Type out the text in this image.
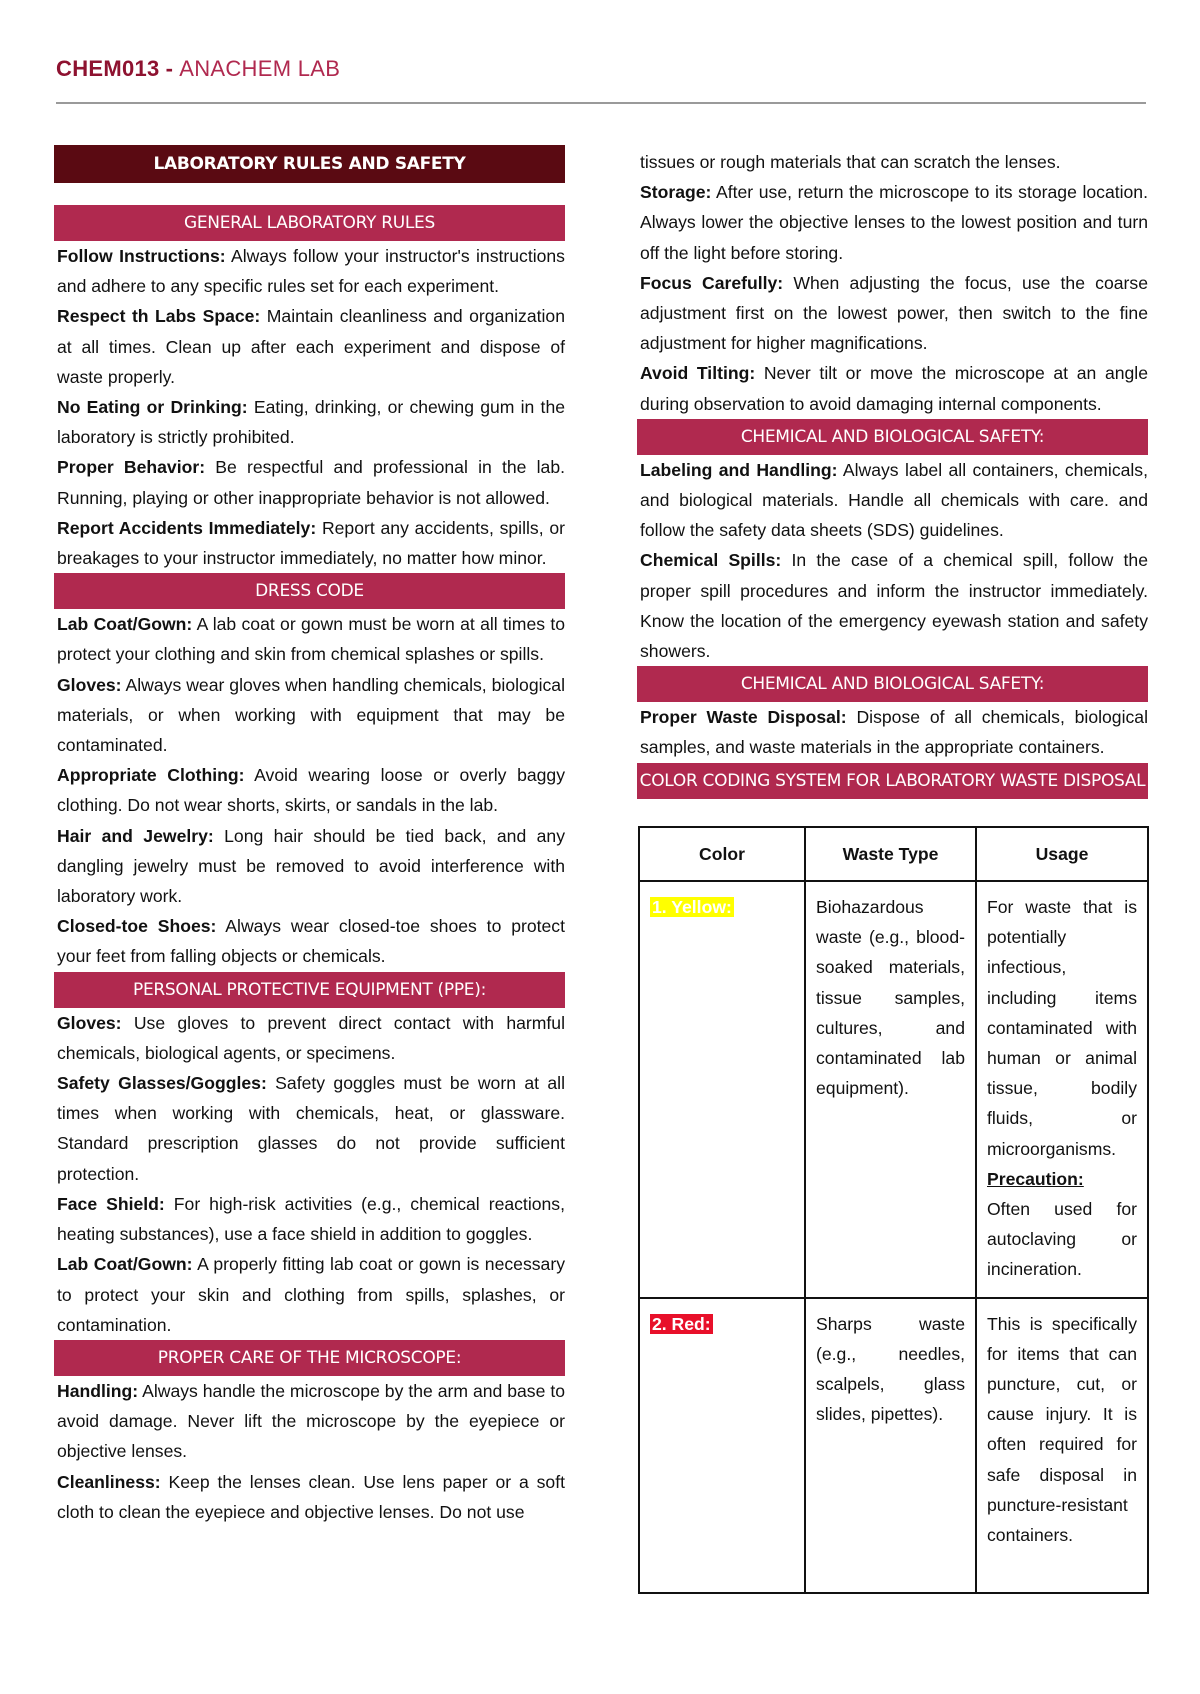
CHEM013 - ANACHEM LAB
LABORATORY RULES AND SAFETY
GENERAL LABORATORY RULES

Follow Instructions: Always follow your instructor's instructions and adhere to any specific rules set for each experiment.

Respect th Labs Space: Maintain cleanliness and organization at all times. Clean up after each experiment and dispose of waste properly.

No Eating or Drinking: Eating, drinking, or chewing gum in the laboratory is strictly prohibited.

Proper Behavior: Be respectful and professional in the lab. Running, playing or other inappropriate behavior is not allowed.

Report Accidents Immediately: Report any accidents, spills, or breakages to your instructor immediately, no matter how minor.

DRESS CODE

Lab Coat/Gown: A lab coat or gown must be worn at all times to protect your clothing and skin from chemical splashes or spills.

Gloves: Always wear gloves when handling chemicals, biological materials, or when working with equipment that may be contaminated.

Appropriate Clothing: Avoid wearing loose or overly baggy clothing. Do not wear shorts, skirts, or sandals in the lab.

Hair and Jewelry: Long hair should be tied back, and any dangling jewelry must be removed to avoid interference with laboratory work.

Closed-toe Shoes: Always wear closed-toe shoes to protect your feet from falling objects or chemicals.

PERSONAL PROTECTIVE EQUIPMENT (PPE):

Gloves: Use gloves to prevent direct contact with harmful chemicals, biological agents, or specimens.

Safety Glasses/Goggles: Safety goggles must be worn at all times when working with chemicals, heat, or glassware. Standard prescription glasses do not provide sufficient protection.

Face Shield: For high-risk activities (e.g., chemical reactions, heating substances), use a face shield in addition to goggles.

Lab Coat/Gown: A properly fitting lab coat or gown is necessary to protect your skin and clothing from spills, splashes, or contamination.

PROPER CARE OF THE MICROSCOPE:

Handling: Always handle the microscope by the arm and base to avoid damage. Never lift the microscope by the eyepiece or objective lenses.

Cleanliness: Keep the lenses clean. Use lens paper or a soft cloth to clean the eyepiece and objective lenses. Do not use

tissues or rough materials that can scratch the lenses.

Storage: After use, return the microscope to its storage location. Always lower the objective lenses to the lowest position and turn off the light before storing.

Focus Carefully: When adjusting the focus, use the coarse adjustment first on the lowest power, then switch to the fine adjustment for higher magnifications.

Avoid Tilting: Never tilt or move the microscope at an angle during observation to avoid damaging internal components.

CHEMICAL AND BIOLOGICAL SAFETY:

Labeling and Handling: Always label all containers, chemicals, and biological materials. Handle all chemicals with care. and follow the safety data sheets (SDS) guidelines.

Chemical Spills: In the case of a chemical spill, follow the proper spill procedures and inform the instructor immediately. Know the location of the emergency eyewash station and safety showers.

CHEMICAL AND BIOLOGICAL SAFETY:

Proper Waste Disposal: Dispose of all chemicals, biological samples, and waste materials in the appropriate containers.

COLOR CODING SYSTEM FOR LABORATORY WASTE DISPOSAL
Color	Waste Type	Usage
1. Yellow:	Biohazardous waste (e.g., blood-soaked materials, tissue samples, cultures, and contaminated lab equipment).	For waste that is potentially infectious, including items contaminated with human or animal tissue, bodily fluids, or microorganisms.
Precaution:
Often used for autoclaving or incineration.
2. Red:	Sharps waste (e.g., needles, scalpels, glass slides, pipettes).	This is specifically for items that can puncture, cut, or cause injury. It is often required for safe disposal in puncture-resistant containers.
